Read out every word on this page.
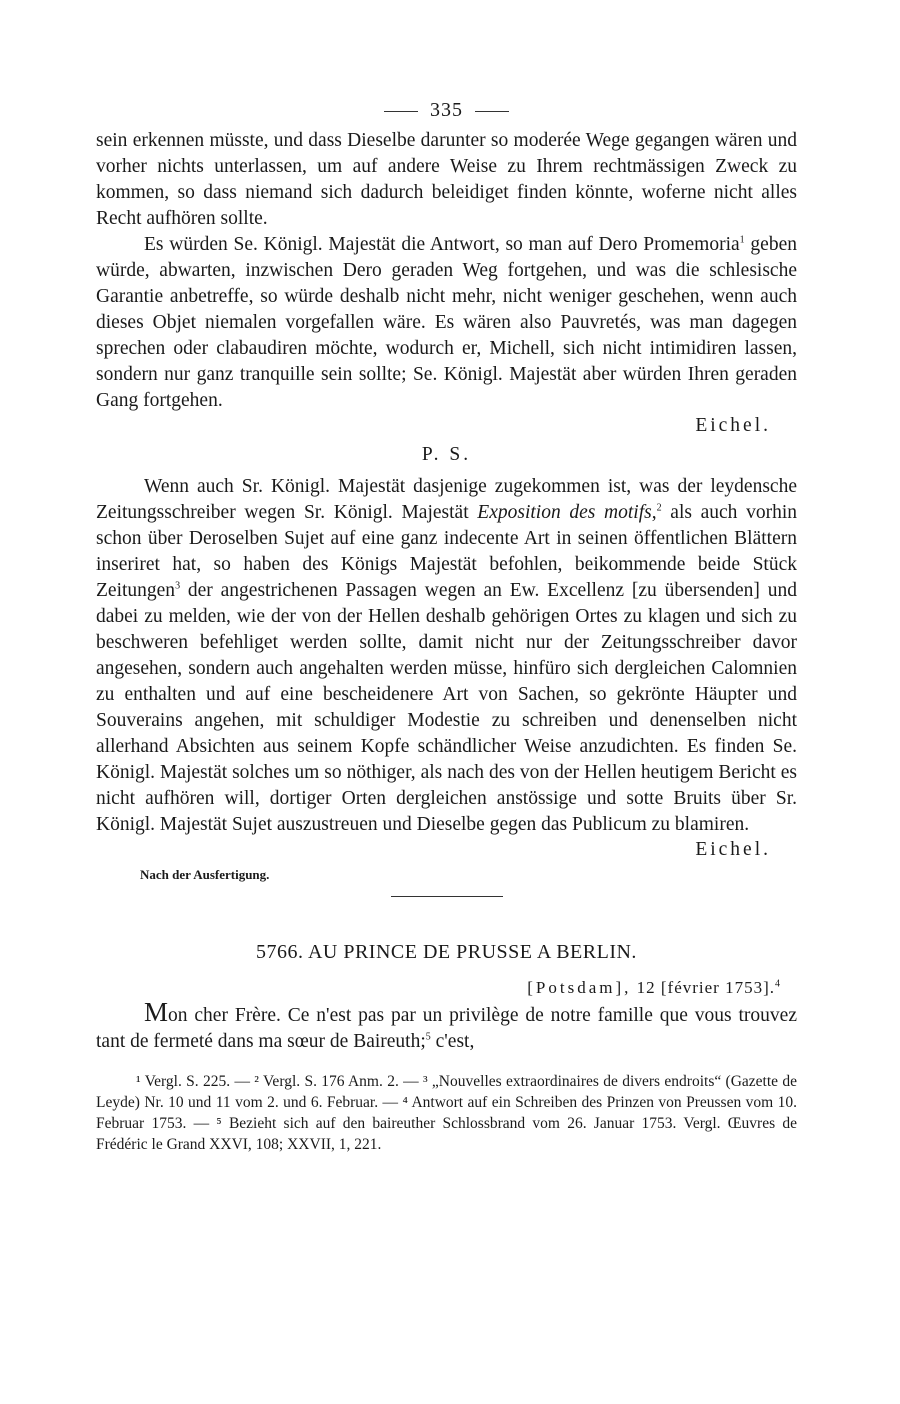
335

sein erkennen müsste, und dass Dieselbe darunter so moderée Wege gegangen wären und vorher nichts unterlassen, um auf andere Weise zu Ihrem rechtmässigen Zweck zu kommen, so dass niemand sich dadurch beleidiget finden könnte, woferne nicht alles Recht aufhören sollte.

Es würden Se. Königl. Majestät die Antwort, so man auf Dero Promemoria$^1$ geben würde, abwarten, inzwischen Dero geraden Weg fortgehen, und was die schlesische Garantie anbetreffe, so würde deshalb nicht mehr, nicht weniger geschehen, wenn auch dieses Objet niemalen vorgefallen wäre. Es wären also Pauvretés, was man dagegen sprechen oder clabaudiren möchte, wodurch er, Michell, sich nicht intimidiren lassen, sondern nur ganz tranquille sein sollte; Se. Königl. Majestät aber würden Ihren geraden Gang fortgehen.

Eichel.
P. S.

Wenn auch Sr. Königl. Majestät dasjenige zugekommen ist, was der leydensche Zeitungsschreiber wegen Sr. Königl. Majestät Exposition des motifs,$^2$ als auch vorhin schon über Deroselben Sujet auf eine ganz indecente Art in seinen öffentlichen Blättern inseriret hat, so haben des Königs Majestät befohlen, beikommende beide Stück Zeitungen$^3$ der angestrichenen Passagen wegen an Ew. Excellenz [zu übersenden] und dabei zu melden, wie der von der Hellen deshalb gehörigen Ortes zu klagen und sich zu beschweren befehliget werden sollte, damit nicht nur der Zeitungsschreiber davor angesehen, sondern auch angehalten werden müsse, hinfüro sich dergleichen Calomnien zu enthalten und auf eine bescheidenere Art von Sachen, so gekrönte Häupter und Souverains angehen, mit schuldiger Modestie zu schreiben und denenselben nicht allerhand Absichten aus seinem Kopfe schändlicher Weise anzudichten. Es finden Se. Königl. Majestät solches um so nöthiger, als nach des von der Hellen heutigem Bericht es nicht aufhören will, dortiger Orten dergleichen anstössige und sotte Bruits über Sr. Königl. Majestät Sujet auszustreuen und Dieselbe gegen das Publicum zu blamiren.

Eichel.
Nach der Ausfertigung.
5766. AU PRINCE DE PRUSSE A BERLIN.
[Potsdam], 12 [février 1753].$^4$

Mon cher Frère. Ce n'est pas par un privilège de notre famille que vous trouvez tant de fermeté dans ma sœur de Baireuth;$^5$ c'est,

¹ Vergl. S. 225. — ² Vergl. S. 176 Anm. 2. — ³ „Nouvelles extraordinaires de divers endroits“ (Gazette de Leyde) Nr. 10 und 11 vom 2. und 6. Februar. — ⁴ Antwort auf ein Schreiben des Prinzen von Preussen vom 10. Februar 1753. — ⁵ Bezieht sich auf den baireuther Schlossbrand vom 26. Januar 1753. Vergl. Œuvres de Frédéric le Grand XXVI, 108; XXVII, 1, 221.
